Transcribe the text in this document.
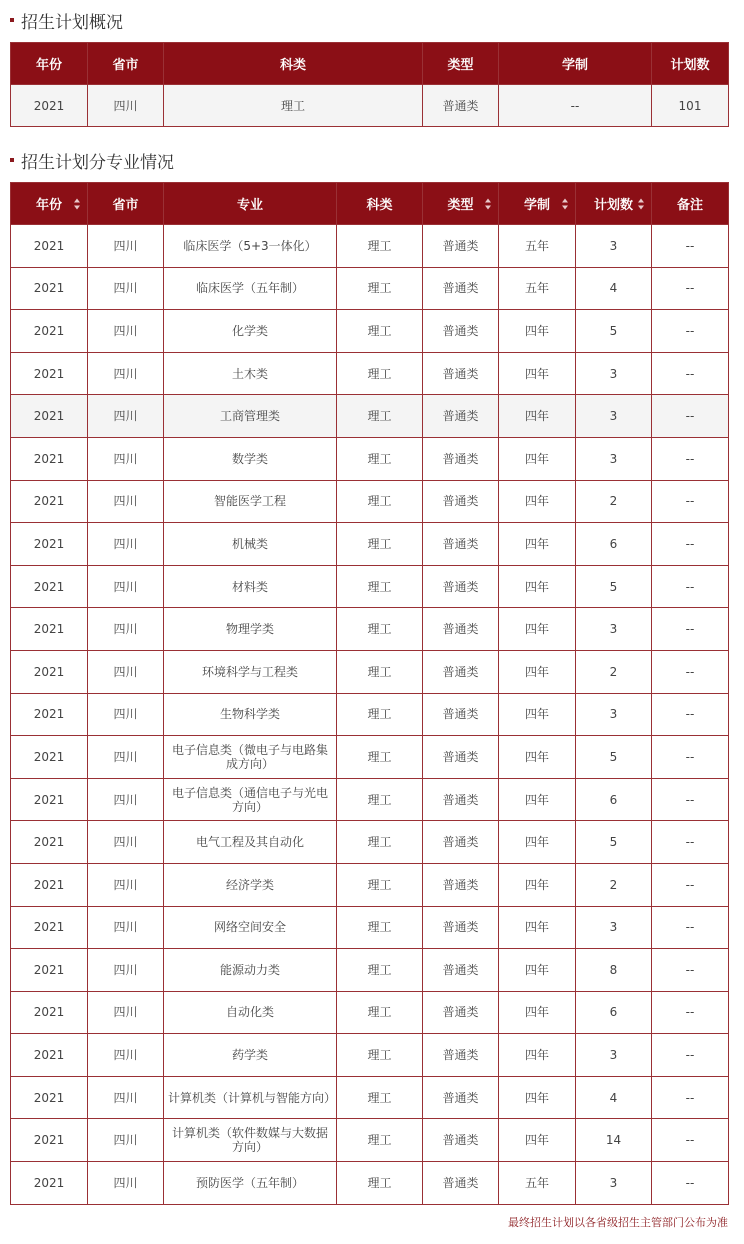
招生计划概况
年份	省市	科类	类型	学制	计划数
2021	四川	理工	普通类	--	101
招生计划分专业情况
年份	省市	专业	科类	类型	学制	计划数	备注
2021	四川	临床医学（5+3一体化）	理工	普通类	五年	3	--
2021	四川	临床医学（五年制）	理工	普通类	五年	4	--
2021	四川	化学类	理工	普通类	四年	5	--
2021	四川	土木类	理工	普通类	四年	3	--
2021	四川	工商管理类	理工	普通类	四年	3	--
2021	四川	数学类	理工	普通类	四年	3	--
2021	四川	智能医学工程	理工	普通类	四年	2	--
2021	四川	机械类	理工	普通类	四年	6	--
2021	四川	材料类	理工	普通类	四年	5	--
2021	四川	物理学类	理工	普通类	四年	3	--
2021	四川	环境科学与工程类	理工	普通类	四年	2	--
2021	四川	生物科学类	理工	普通类	四年	3	--
2021	四川	电子信息类（微电子与电路集成方向）	理工	普通类	四年	5	--
2021	四川	电子信息类（通信电子与光电方向）	理工	普通类	四年	6	--
2021	四川	电气工程及其自动化	理工	普通类	四年	5	--
2021	四川	经济学类	理工	普通类	四年	2	--
2021	四川	网络空间安全	理工	普通类	四年	3	--
2021	四川	能源动力类	理工	普通类	四年	8	--
2021	四川	自动化类	理工	普通类	四年	6	--
2021	四川	药学类	理工	普通类	四年	3	--
2021	四川	计算机类（计算机与智能方向）	理工	普通类	四年	4	--
2021	四川	计算机类（软件数媒与大数据方向）	理工	普通类	四年	14	--
2021	四川	预防医学（五年制）	理工	普通类	五年	3	--
最终招生计划以各省级招生主管部门公布为准
